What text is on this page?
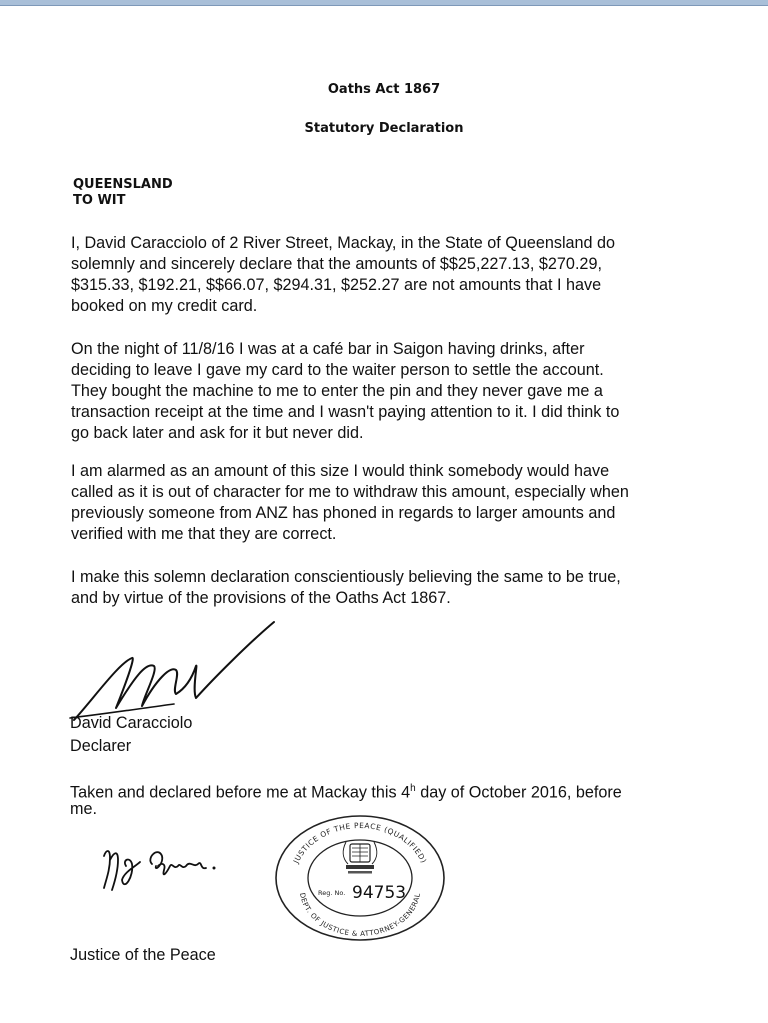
Oaths Act 1867
Statutory Declaration
QUEENSLAND
TO WIT
I, David Caracciolo of 2 River Street, Mackay, in the State of Queensland do
solemnly and sincerely declare that the amounts of $$25,227.13, $270.29,
$315.33, $192.21, $$66.07, $294.31, $252.27 are not amounts that I have
booked on my credit card.
On the night of 11/8/16 I was at a café bar in Saigon having drinks, after
deciding to leave I gave my card to the waiter person to settle the account.
They bought the machine to me to enter the pin and they never gave me a
transaction receipt at the time and I wasn't paying attention to it. I did think to
go back later and ask for it but never did.
I am alarmed as an amount of this size I would think somebody would have
called as it is out of character for me to withdraw this amount, especially when
previously someone from ANZ has phoned in regards to larger amounts and
verified with me that they are correct.
I make this solemn declaration conscientiously believing the same to be true,
and by virtue of the provisions of the Oaths Act 1867.
David Caracciolo
Declarer
Taken and declared before me at Mackay this 4$^h$ day of October 2016, before
me.
JUSTICE OF THE PEACE (QUALIFIED)
DEPT. OF JUSTICE & ATTORNEY-GENERAL
Reg. No. 94753
Justice of the Peace
